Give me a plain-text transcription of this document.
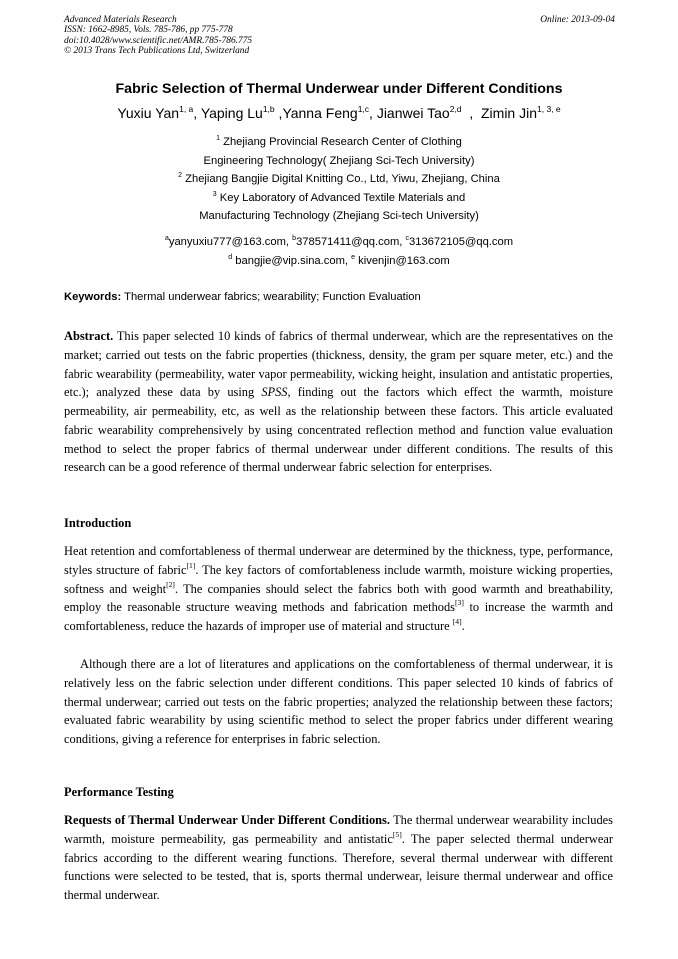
Advanced Materials Research
ISSN: 1662-8985, Vols. 785-786, pp 775-778
doi:10.4028/www.scientific.net/AMR.785-786.775
© 2013 Trans Tech Publications Ltd, Switzerland
Online: 2013-09-04
Fabric Selection of Thermal Underwear under Different Conditions
Yuxiu Yan$^{1, a}$, Yaping Lu$^{1,b}$ ,Yanna Feng$^{1,c}$, Jianwei Tao$^{2,d}$  ,  Zimin Jin$^{1, 3, e}$
$^1$ Zhejiang Provincial Research Center of Clothing
Engineering Technology( Zhejiang Sci-Tech University)
$^2$ Zhejiang Bangjie Digital Knitting Co., Ltd, Yiwu, Zhejiang, China
$^3$ Key Laboratory of Advanced Textile Materials and
Manufacturing Technology (Zhejiang Sci-tech University)
$^a$yanyuxiu777@163.com, $^b$378571411@qq.com, $^c$313672105@qq.com
$^d$ bangjie@vip.sina.com, $^e$ kivenjin@163.com
Keywords: Thermal underwear fabrics; wearability; Function Evaluation
Abstract. This paper selected 10 kinds of fabrics of thermal underwear, which are the representatives on the market; carried out tests on the fabric properties (thickness, density, the gram per square meter, etc.) and the fabric wearability (permeability, water vapor permeability, wicking height, insulation and antistatic properties, etc.); analyzed these data by using SPSS, finding out the factors which effect the warmth, moisture permeability, air permeability, etc, as well as the relationship between these factors. This article evaluated fabric wearability comprehensively by using concentrated reflection method and function value evaluation method to select the proper fabrics of thermal underwear under different conditions. The results of this research can be a good reference of thermal underwear fabric selection for enterprises.
Introduction
Heat retention and comfortableness of thermal underwear are determined by the thickness, type, performance, styles structure of fabric[1]. The key factors of comfortableness include warmth, moisture wicking properties, softness and weight[2]. The companies should select the fabrics both with good warmth and breathability, employ the reasonable structure weaving methods and fabrication methods[3] to increase the warmth and comfortableness, reduce the hazards of improper use of material and structure [4].
Although there are a lot of literatures and applications on the comfortableness of thermal underwear, it is relatively less on the fabric selection under different conditions. This paper selected 10 kinds of fabrics of thermal underwear; carried out tests on the fabric properties; analyzed the relationship between these factors; evaluated fabric wearability by using scientific method to select the proper fabrics under different wearing conditions, giving a reference for enterprises in fabric selection.
Performance Testing
Requests of Thermal Underwear Under Different Conditions. The thermal underwear wearability includes warmth, moisture permeability, gas permeability and antistatic[5]. The paper selected thermal underwear fabrics according to the different wearing functions. Therefore, several thermal underwear with different functions were selected to be tested, that is, sports thermal underwear, leisure thermal underwear and office thermal underwear.
